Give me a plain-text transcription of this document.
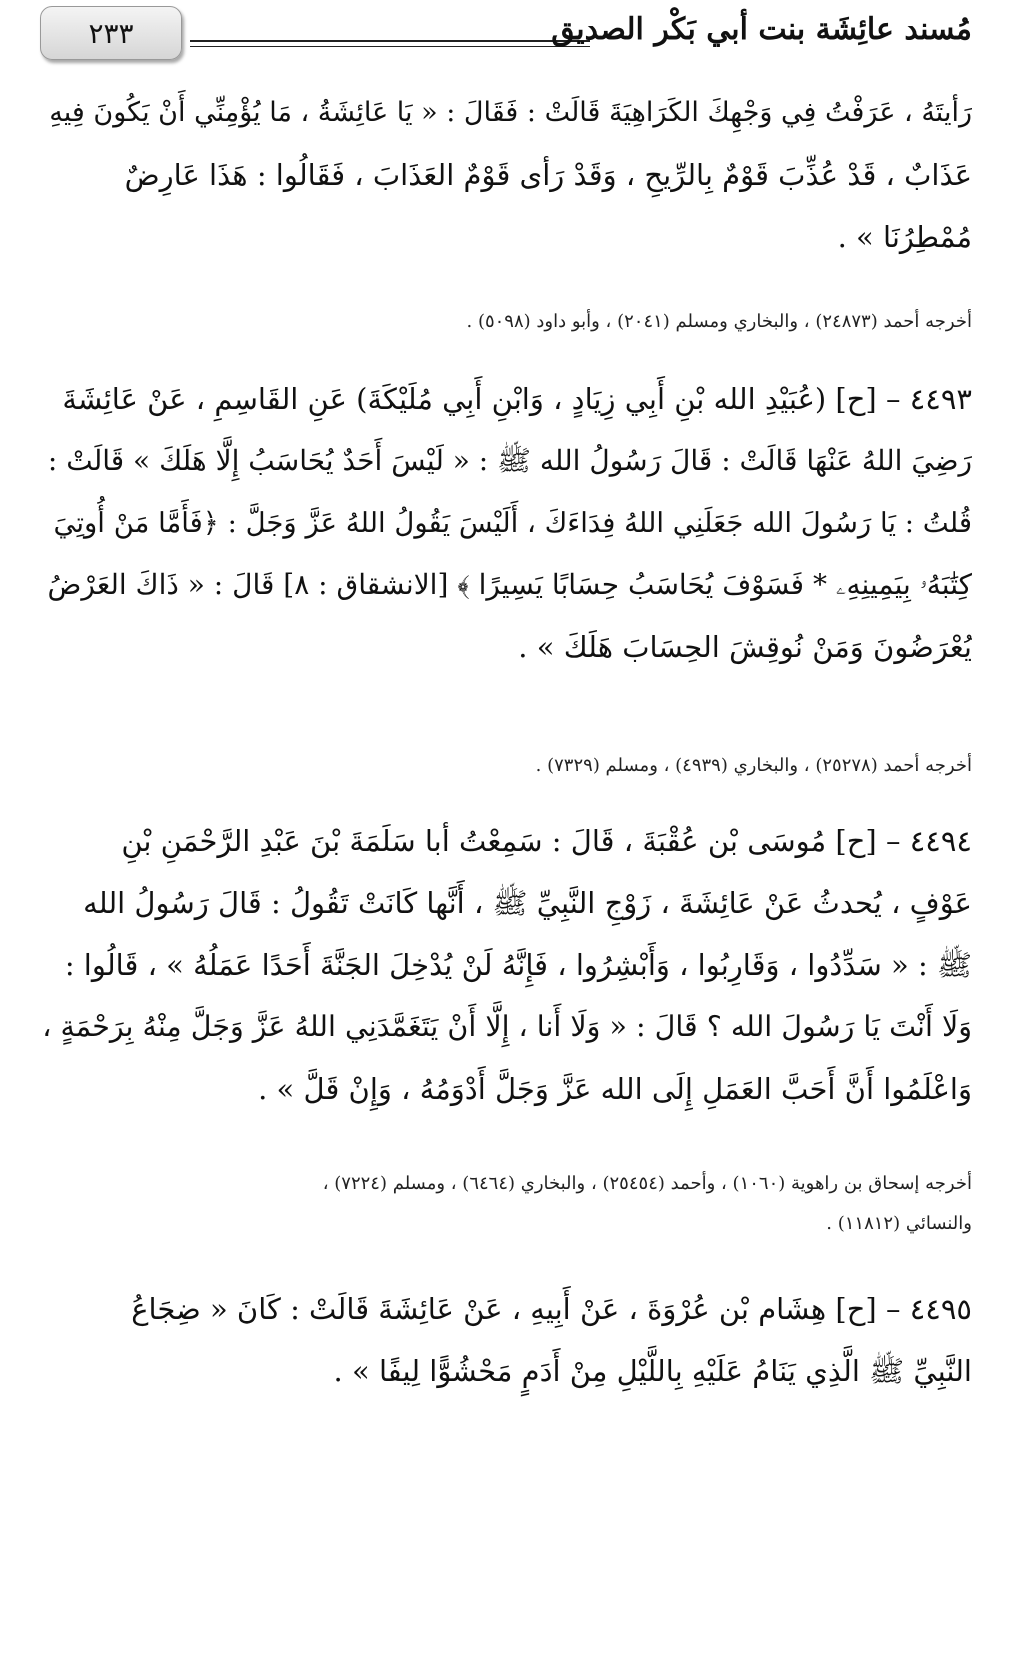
٢٣٣	مُسند عائِشَة بنت أبي بَكْر الصديق
رَأيتَهُ ، عَرَفْتُ فِي وَجْهِكَ الكَرَاهِيَةَ قَالَتْ : فَقَالَ : « يَا عَائِشَةُ ، مَا يُؤْمِنِّي أَنْ يَكُونَ فِيهِ
عَذَابٌ ، قَدْ عُذِّبَ قَوْمٌ بِالرِّيحِ ، وَقَدْ رَأى قَوْمٌ العَذَابَ ، فَقَالُوا : هَذَا عَارِضٌ
مُمْطِرُنَا » .
أخرجه أحمد (٢٤٨٧٣) ، والبخاري ومسلم (٢٠٤١) ، وأبو داود (٥٠٩٨) .
٤٤٩٣ – [ح] (عُبَيْدِ الله بْنِ أَبِي زِيَادٍ ، وَابْنِ أَبِي مُلَيْكَةَ) عَنِ القَاسِمِ ، عَنْ عَائِشَةَ
رَضِيَ اللهُ عَنْهَا قَالَتْ : قَالَ رَسُولُ الله ﷺ : « لَيْسَ أَحَدٌ يُحَاسَبُ إِلَّا هَلَكَ » قَالَتْ :
قُلتُ : يَا رَسُولَ الله جَعَلَنِي اللهُ فِدَاءَكَ ، أَلَيْسَ يَقُولُ اللهُ عَزَّ وَجَلَّ : ﴿فَأَمَّا مَنْ أُوتِيَ
كِتَٰبَهُۥ بِيَمِينِهِۦ * فَسَوْفَ يُحَاسَبُ حِسَابًا يَسِيرًا ﴾ [الانشقاق : ٨] قَالَ : « ذَاكَ العَرْضُ
يُعْرَضُونَ وَمَنْ نُوقِشَ الحِسَابَ هَلَكَ » .
أخرجه أحمد (٢٥٢٧٨) ، والبخاري (٤٩٣٩) ، ومسلم (٧٣٢٩) .
٤٤٩٤ – [ح] مُوسَى بْن عُقْبَةَ ، قَالَ : سَمِعْتُ أبا سَلَمَةَ بْنَ عَبْدِ الرَّحْمَنِ بْنِ
عَوْفٍ ، يُحدثُ عَنْ عَائِشَةَ ، زَوْجِ النَّبِيِّ ﷺ ، أَنَّها كَانَتْ تَقُولُ : قَالَ رَسُولُ الله
ﷺ : « سَدِّدُوا ، وَقَارِبُوا ، وَأَبْشِرُوا ، فَإِنَّهُ لَنْ يُدْخِلَ الجَنَّةَ أَحَدًا عَمَلُهُ » ، قَالُوا :
وَلَا أَنْتَ يَا رَسُولَ الله ؟ قَالَ : « وَلَا أَنا ، إِلَّا أَنْ يَتَغَمَّدَنِي اللهُ عَزَّ وَجَلَّ مِنْهُ بِرَحْمَةٍ ،
وَاعْلَمُوا أَنَّ أَحَبَّ العَمَلِ إِلَى الله عَزَّ وَجَلَّ أَدْوَمُهُ ، وَإِنْ قَلَّ » .
أخرجه إسحاق بن راهوية (١٠٦٠) ، وأحمد (٢٥٤٥٤) ، والبخاري (٦٤٦٤) ، ومسلم (٧٢٢٤) ،
والنسائي (١١٨١٢) .
٤٤٩٥ – [ح] هِشَام بْن عُرْوَةَ ، عَنْ أَبِيهِ ، عَنْ عَائِشَةَ قَالَتْ : كَانَ « ضِجَاعُ
النَّبِيِّ ﷺ الَّذِي يَنَامُ عَلَيْهِ بِاللَّيْلِ مِنْ أَدَمٍ مَحْشُوًّا لِيفًا » .
